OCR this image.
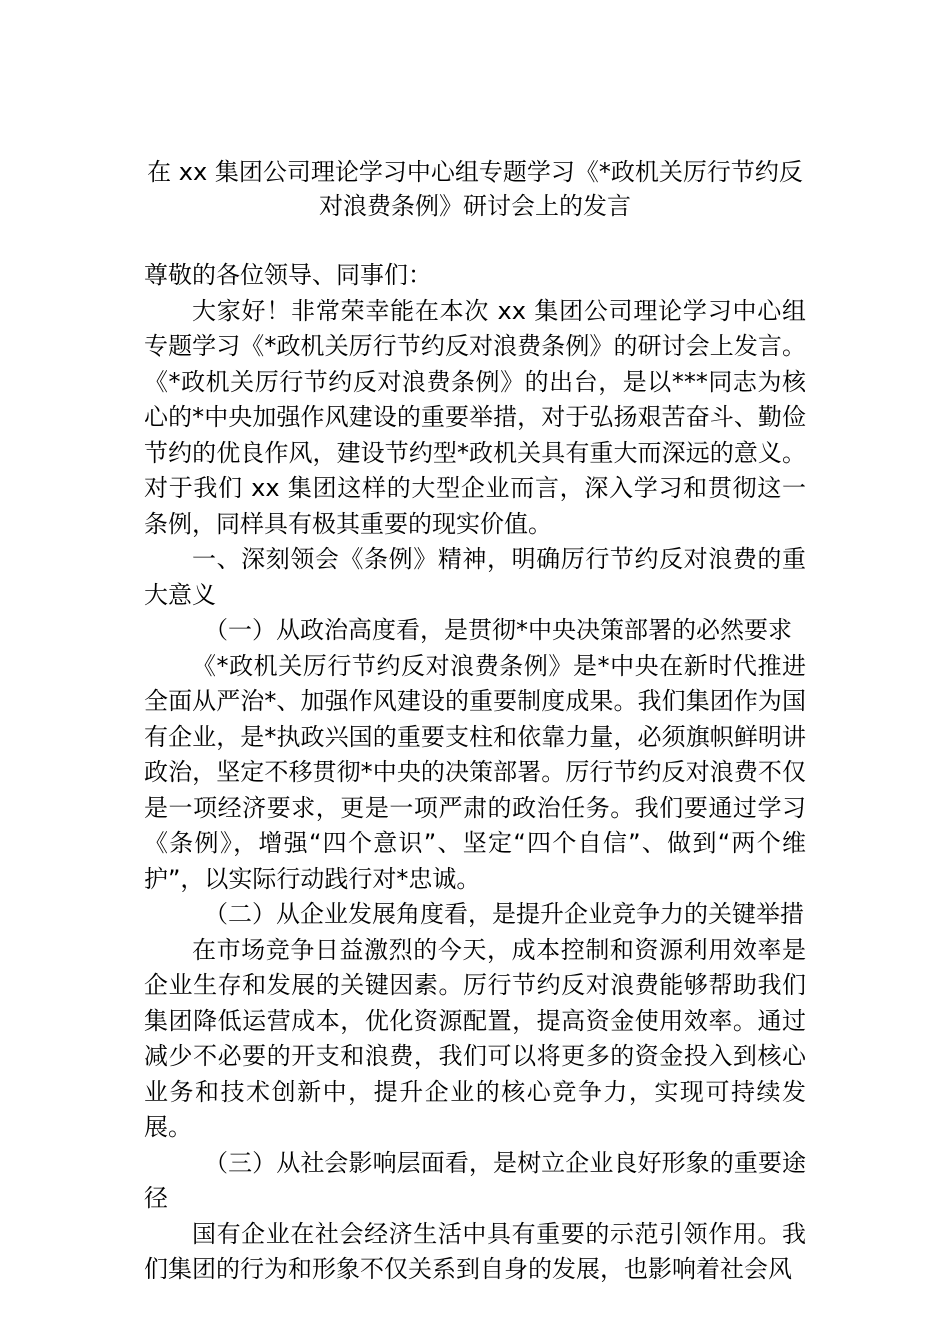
在 xx 集团公司理论学习中心组专题学习《*政机关厉行节约反
对浪费条例》研讨会上的发言

尊敬的各位领导、同事们：

大家好！非常荣幸能在本次 xx 集团公司理论学习中心组专题学习《*政机关厉行节约反对浪费条例》的研讨会上发言。《*政机关厉行节约反对浪费条例》的出台，是以***同志为核心的*中央加强作风建设的重要举措，对于弘扬艰苦奋斗、勤俭节约的优良作风，建设节约型*政机关具有重大而深远的意义。对于我们 xx 集团这样的大型企业而言，深入学习和贯彻这一条例，同样具有极其重要的现实价值。

一、深刻领会《条例》精神，明确厉行节约反对浪费的重大意义

（一）从政治高度看，是贯彻*中央决策部署的必然要求

《*政机关厉行节约反对浪费条例》是*中央在新时代推进全面从严治*、加强作风建设的重要制度成果。我们集团作为国有企业，是*执政兴国的重要支柱和依靠力量，必须旗帜鲜明讲政治，坚定不移贯彻*中央的决策部署。厉行节约反对浪费不仅是一项经济要求，更是一项严肃的政治任务。我们要通过学习《条例》，增强“四个意识”、坚定“四个自信”、做到“两个维护”，以实际行动践行对*忠诚。

（二）从企业发展角度看，是提升企业竞争力的关键举措

在市场竞争日益激烈的今天，成本控制和资源利用效率是企业生存和发展的关键因素。厉行节约反对浪费能够帮助我们集团降低运营成本，优化资源配置，提高资金使用效率。通过减少不必要的开支和浪费，我们可以将更多的资金投入到核心业务和技术创新中，提升企业的核心竞争力，实现可持续发展。

（三）从社会影响层面看，是树立企业良好形象的重要途径

国有企业在社会经济生活中具有重要的示范引领作用。我们集团的行为和形象不仅关系到自身的发展，也影响着社会风
